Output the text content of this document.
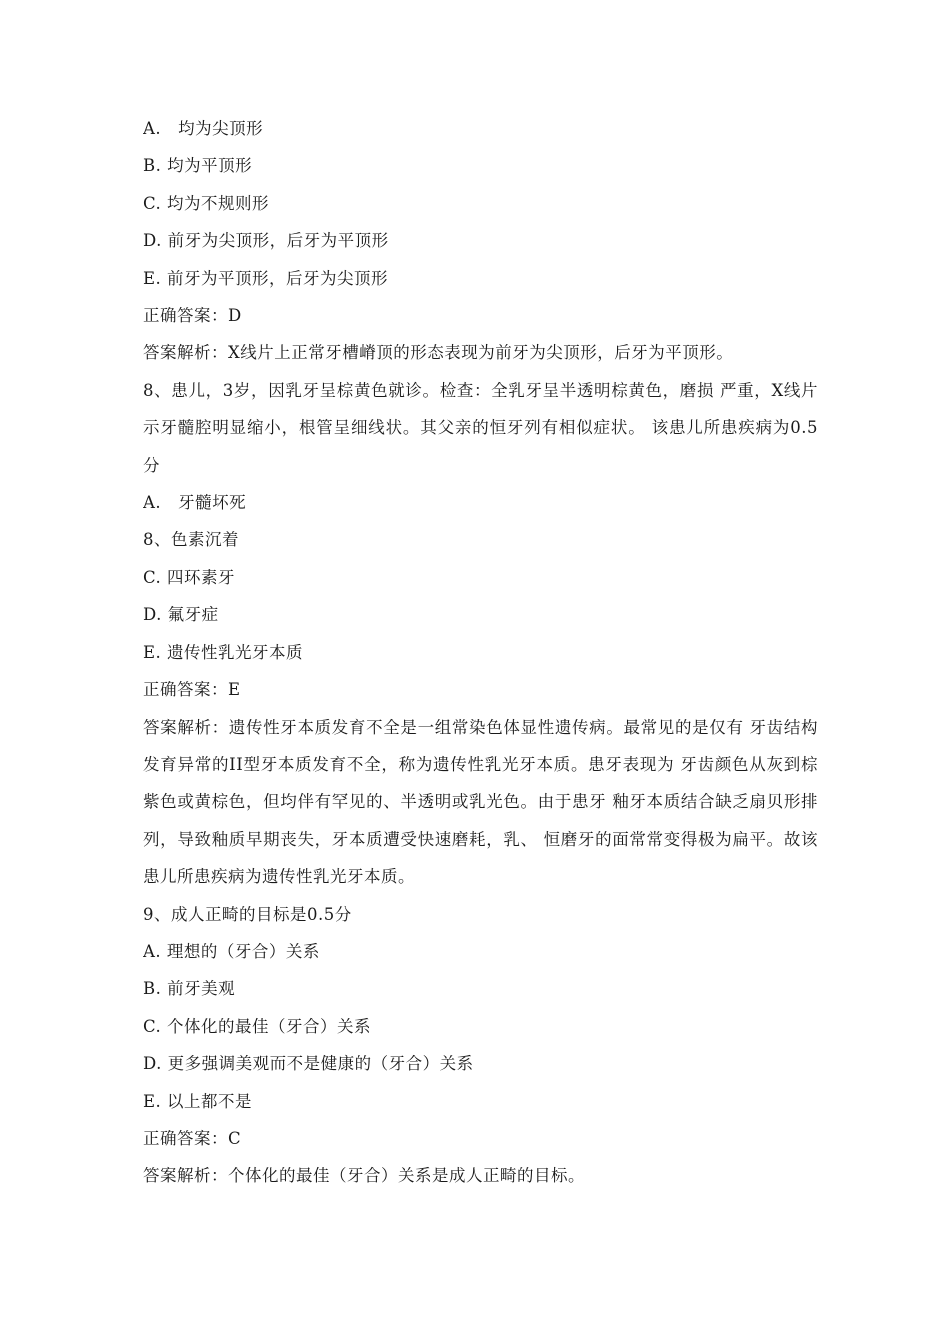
A.　均为尖顶形
B. 均为平顶形
C. 均为不规则形
D. 前牙为尖顶形，后牙为平顶形
E. 前牙为平顶形，后牙为尖顶形
正确答案：D
答案解析：X线片上正常牙槽嵴顶的形态表现为前牙为尖顶形，后牙为平顶形。
8、患儿，3岁，因乳牙呈棕黄色就诊。检查：全乳牙呈半透明棕黄色，磨损 严重，X线片示牙髓腔明显缩小，根管呈细线状。其父亲的恒牙列有相似症状。 该患儿所患疾病为0.5分
A.　牙髓坏死
8、色素沉着
C. 四环素牙
D. 氟牙症
E. 遗传性乳光牙本质
正确答案：E
答案解析：遗传性牙本质发育不全是一组常染色体显性遗传病。最常见的是仅有 牙齿结构发育异常的II型牙本质发育不全，称为遗传性乳光牙本质。患牙表现为 牙齿颜色从灰到棕紫色或黄棕色，但均伴有罕见的、半透明或乳光色。由于患牙 釉牙本质结合缺乏扇贝形排列，导致釉质早期丧失，牙本质遭受快速磨耗，乳、 恒磨牙的面常常变得极为扁平。故该患儿所患疾病为遗传性乳光牙本质。
9、成人正畸的目标是0.5分
A. 理想的（牙合）关系
B. 前牙美观
C. 个体化的最佳（牙合）关系
D. 更多强调美观而不是健康的（牙合）关系
E. 以上都不是
正确答案：C
答案解析：个体化的最佳（牙合）关系是成人正畸的目标。
